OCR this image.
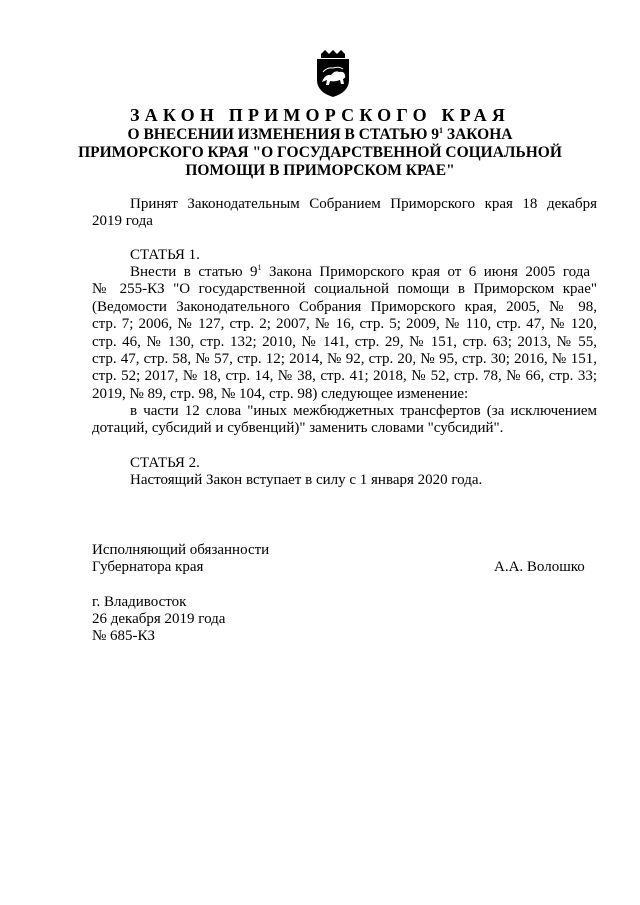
ЗАКОН ПРИМОРСКОГО КРАЯ
О ВНЕСЕНИИ ИЗМЕНЕНИЯ В СТАТЬЮ $9^1$ ЗАКОНА
ПРИМОРСКОГО КРАЯ "О ГОСУДАРСТВЕННОЙ СОЦИАЛЬНОЙ
ПОМОЩИ В ПРИМОРСКОМ КРАЕ"
Принят Законодательным Собранием Приморского края 18 декабря
2019 года
СТАТЬЯ 1.
Внести в статью $9^1$ Закона Приморского края от 6 июня 2005 года
№ 255-КЗ "О государственной социальной помощи в Приморском крае"
(Ведомости Законодательного Собрания Приморского края, 2005, № 98,
стр. 7; 2006, № 127, стр. 2; 2007, № 16, стр. 5; 2009, № 110, стр. 47, № 120,
стр. 46, № 130, стр. 132; 2010, № 141, стр. 29, № 151, стр. 63; 2013, № 55,
стр. 47, стр. 58, № 57, стр. 12; 2014, № 92, стр. 20, № 95, стр. 30; 2016, № 151,
стр. 52; 2017, № 18, стр. 14, № 38, стр. 41; 2018, № 52, стр. 78, № 66, стр. 33;
2019, № 89, стр. 98, № 104, стр. 98) следующее изменение:
в части 12 слова "иных межбюджетных трансфертов (за исключением
дотаций, субсидий и субвенций)" заменить словами "субсидий".
СТАТЬЯ 2.
Настоящий Закон вступает в силу с 1 января 2020 года.
Исполняющий обязанности
Губернатора края	А.А. Волошко
г. Владивосток
26 декабря 2019 года
№ 685-КЗ
